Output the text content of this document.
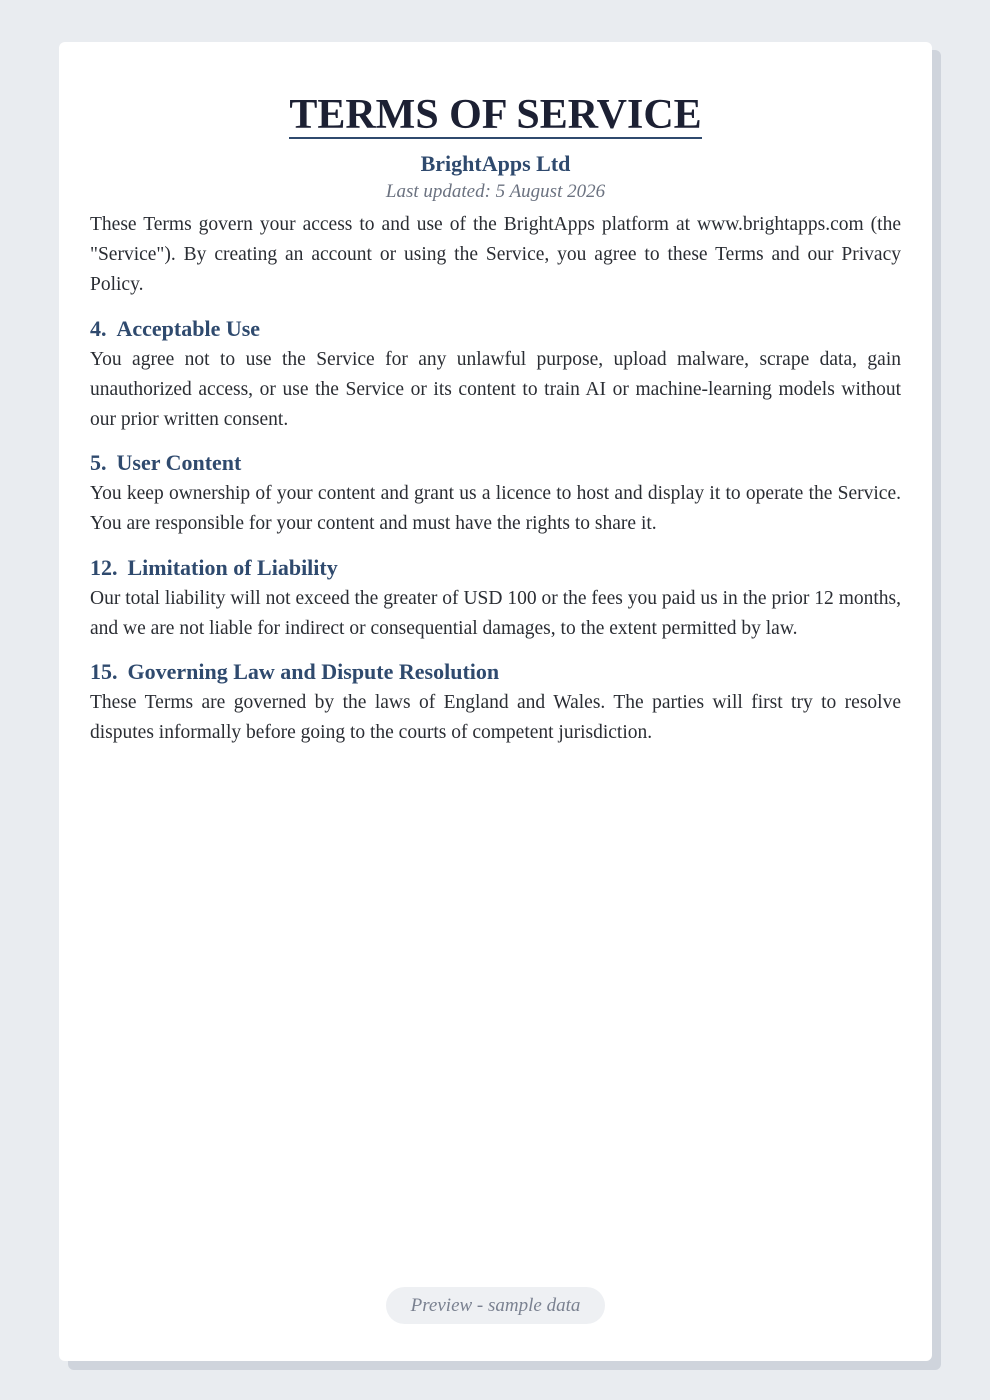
TERMS OF SERVICE
BrightApps Ltd
Last updated: 5 August 2026

These Terms govern your access to and use of the BrightApps platform at www.brightapps.com (the "Service"). By creating an account or using the Service, you agree to these Terms and our Privacy Policy.

4. Acceptable Use

You agree not to use the Service for any unlawful purpose, upload malware, scrape data, gain unauthorized access, or use the Service or its content to train AI or machine-learning models without our prior written consent.

5. User Content

You keep ownership of your content and grant us a licence to host and display it to operate the Service. You are responsible for your content and must have the rights to share it.

12. Limitation of Liability

Our total liability will not exceed the greater of USD 100 or the fees you paid us in the prior 12 months, and we are not liable for indirect or consequential damages, to the extent permitted by law.

15. Governing Law and Dispute Resolution

These Terms are governed by the laws of England and Wales. The parties will first try to resolve disputes informally before going to the courts of competent jurisdiction.

Preview - sample data
